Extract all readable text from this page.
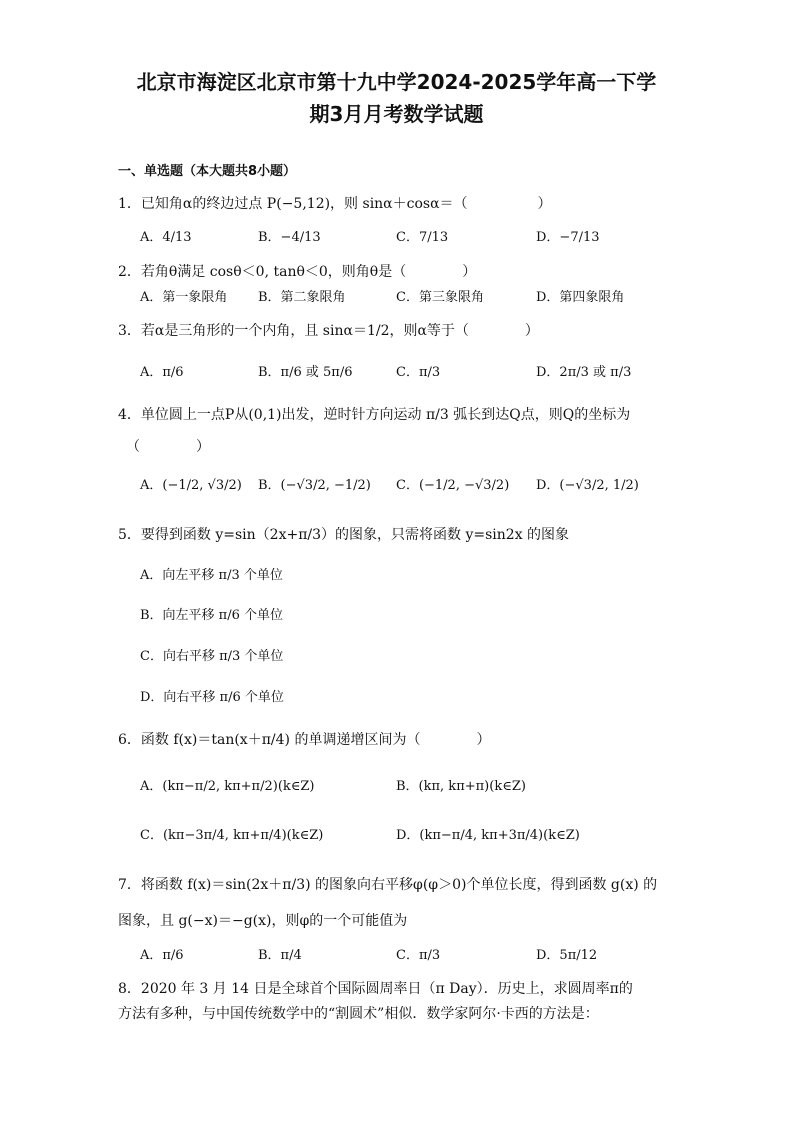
北京市海淀区北京市第十九中学2024-2025学年高一下学
期3月月考数学试题
一、单选题（本大题共8小题）
1．已知角α的终边过点 P(−5,12)，则 sinα＋cosα＝（　　　　　）
A．4/13	B．−4/13	C．7/13	D．−7/13
2．若角θ满足 cosθ＜0, tanθ＜0，则角θ是（　　　　）
A．第一象限角 B．第二象限角	C．第三象限角	D．第四象限角
3．若α是三角形的一个内角，且 sinα＝1/2，则α等于（　　　　）
A．π/6	B．π/6 或 5π/6	C．π/3	D．2π/3 或 π/3
4．单位圆上一点P从(0,1)出发，逆时针方向运动 π/3 弧长到达Q点，则Q的坐标为
（　　　　）
A．(−1/2, √3/2) B．(−√3/2, −1/2) C．(−1/2, −√3/2) D．(−√3/2, 1/2)
5．要得到函数 y=sin（2x+π/3）的图象，只需将函数 y=sin2x 的图象
A．向左平移 π/3 个单位
B．向左平移 π/6 个单位
C．向右平移 π/3 个单位
D．向右平移 π/6 个单位
6．函数 f(x)＝tan(x＋π/4) 的单调递增区间为（　　　　）
A．(kπ−π/2, kπ+π/2)(k∈Z)	B．(kπ, kπ+π)(k∈Z)
C．(kπ−3π/4, kπ+π/4)(k∈Z)	D．(kπ−π/4, kπ+3π/4)(k∈Z)
7．将函数 f(x)＝sin(2x＋π/3) 的图象向右平移φ(φ＞0)个单位长度，得到函数 g(x) 的
图象，且 g(−x)＝−g(x)，则φ的一个可能值为
A．π/6	B．π/4	C．π/3	D．5π/12
8．2020 年 3 月 14 日是全球首个国际圆周率日（π Day）．历史上，求圆周率π的
方法有多种，与中国传统数学中的“割圆术”相似．数学家阿尔·卡西的方法是：
